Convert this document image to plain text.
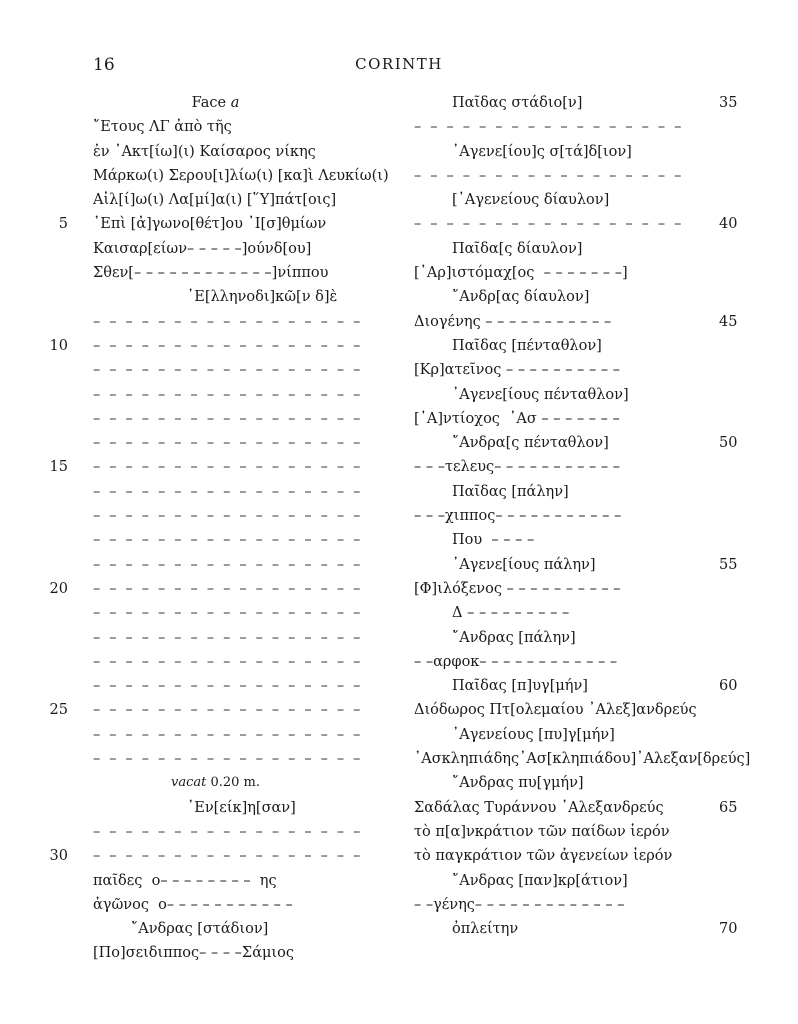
16	CORINTH
Face a
῎Ετους ΛΓ ἀπὸ τῆς
ἐν ᾿Ακτ[ίω](ι) Καίσαρος νίκης
Μάρκω(ι) Σερου[ι]λίω(ι) [κα]ὶ Λευκίω(ι)
Αἰλ[ί]ω(ι) Λα[μί]α(ι) [῞Υ]πάτ[οις]
᾿Επὶ [ἀ]γωνο[θέτ]ου ᾿Ι[σ]θμίων
5
Καισαρ[είων– – – – –]ούνδ[ου]
Σθεν[– – – – – – – – – – – –]νίππου
῾Ε[λληνοδι]κῶ[ν δ]ὲ
– – – – – – – – – – – – – – – – –
– – – – – – – – – – – – – – – – –
10
– – – – – – – – – – – – – – – – –
– – – – – – – – – – – – – – – – –
– – – – – – – – – – – – – – – – –
– – – – – – – – – – – – – – – – –
– – – – – – – – – – – – – – – – –
15
– – – – – – – – – – – – – – – – –
– – – – – – – – – – – – – – – – –
– – – – – – – – – – – – – – – – –
– – – – – – – – – – – – – – – – –
– – – – – – – – – – – – – – – – –
20
– – – – – – – – – – – – – – – – –
– – – – – – – – – – – – – – – – –
– – – – – – – – – – – – – – – – –
– – – – – – – – – – – – – – – – –
– – – – – – – – – – – – – – – – –
25
– – – – – – – – – – – – – – – – –
– – – – – – – – – – – – – – – – –
vacat 0.20 m.
᾿Εν[είκ]η[σαν]
– – – – – – – – – – – – – – – – –
– – – – – – – – – – – – – – – – –
30
παῖδες  ο– – – – – – – –  ης
ἀγῶνος  ο– – – – – – – – – – –
῎Ανδρας [στάδιον]
[Πο]σειδιππος– – – –Σάμιος
Παῖδας στάδιο[ν]	35
– – – – – – – – – – – – – – – – –
᾿Αγενε[ίου]ς σ[τά]δ[ιον]
– – – – – – – – – – – – – – – – –
[᾿Αγενείους δίαυλον]
– – – – – – – – – – – – – – – – – 40
Παῖδα[ς δίαυλον]
[᾿Αρ]ιστόμαχ[ος  – – – – – – –]
῎Ανδρ[ας δίαυλον]
Διογένης – – – – – – – – – – –	45
Παῖδας [πένταθλον]
[Κρ]ατεῖνος – – – – – – – – – –
᾿Αγενε[ίους πένταθλον]
[᾿Α]ντίοχος  ᾿Ασ – – – – – – –
῎Ανδρα[ς πένταθλον]	50
– – –τελευς– – – – – – – – – – –
Παῖδας [πάλην]
– – –χιππος– – – – – – – – – – –
Που  – – – –
᾿Αγενε[ίους πάλην]	55
[Φ]ιλόξενος – – – – – – – – – –
Δ – – – – – – – – –
῎Ανδρας [πάλην]
– –αρφοκ– – – – – – – – – – – –
Παῖδας [π]υγ[μήν]	60
Διόδωρος Πτ[ολεμαίου ᾿Αλεξ]ανδρεύς
᾿Αγενείους [πυ]γ[μήν]
᾿Ασκληπιάδης᾿Ασ[κληπιάδου]᾿Αλεξαν[δρεύς]
῎Ανδρας πυ[γμήν]
Σαδάλας Τυράννου ᾿Αλεξανδρεύς	65
τὸ π[α]νκράτιον τῶν παίδων ἱερόν
τὸ παγκράτιον τῶν ἀγενείων ἱερόν
῎Ανδρας [παν]κρ[άτιον]
– –γένης– – – – – – – – – – – – –
ὀπλείτην	70
